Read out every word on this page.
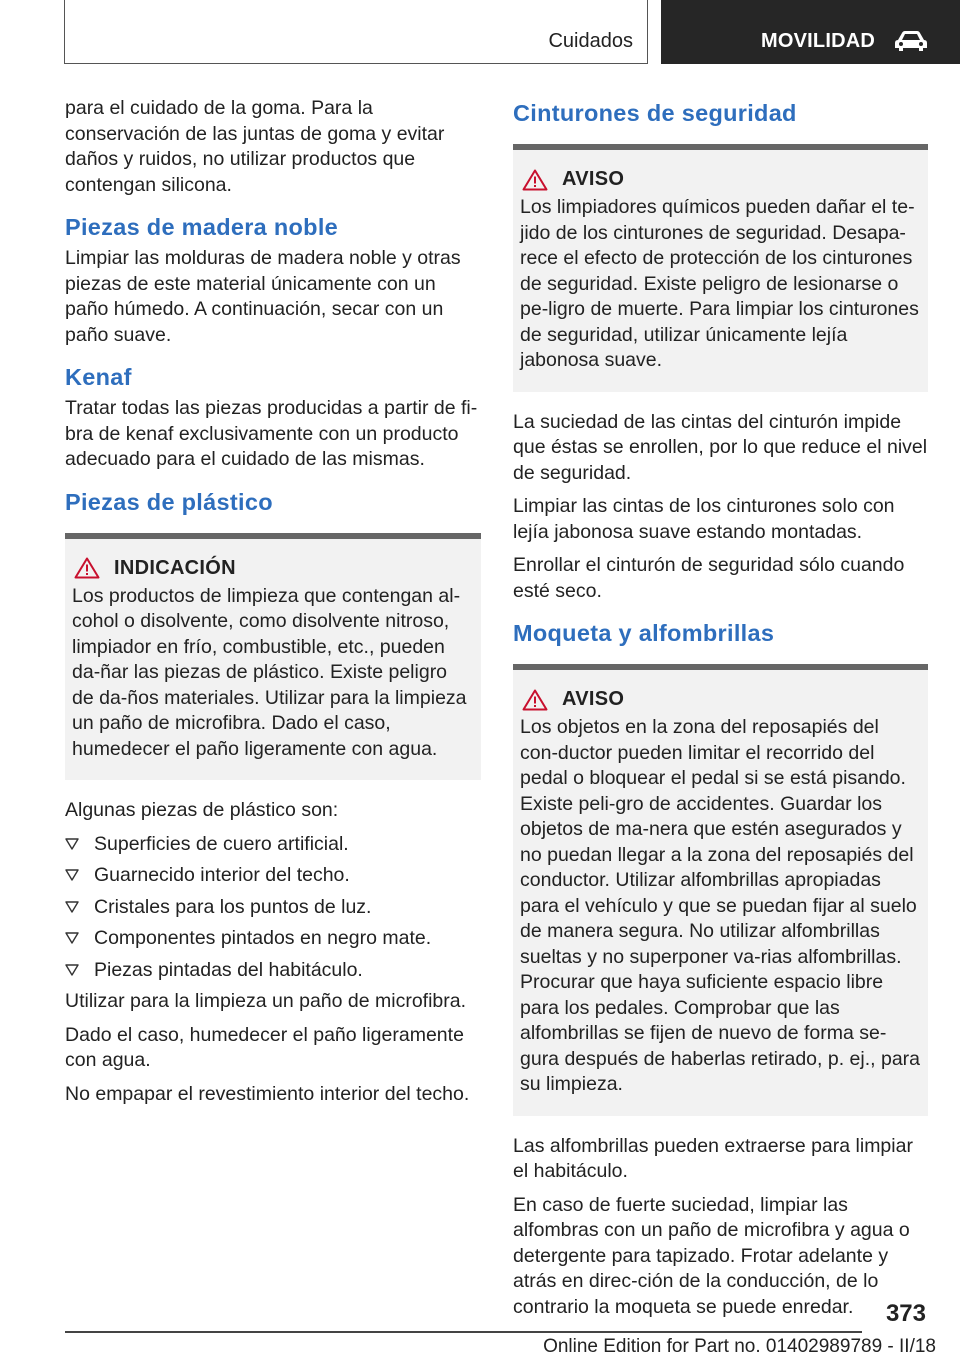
Cuidados	MOVILIDAD

para el cuidado de la goma. Para la conservación de las juntas de goma y evitar daños y ruidos, no utilizar productos que contengan silicona.

Piezas de madera noble

Limpiar las molduras de madera noble y otras piezas de este material únicamente con un paño húmedo. A continuación, secar con un paño suave.

Kenaf

Tratar todas las piezas producidas a partir de fi‐bra de kenaf exclusivamente con un producto adecuado para el cuidado de las mismas.

Piezas de plástico
INDICACIÓN

Los productos de limpieza que contengan al‐cohol o disolvente, como disolvente nitroso, limpiador en frío, combustible, etc., pueden da‐ñar las piezas de plástico. Existe peligro de da‐ños materiales. Utilizar para la limpieza un paño de microfibra. Dado el caso, humedecer el paño ligeramente con agua.

Algunas piezas de plástico son:

Superficies de cuero artificial.
Guarnecido interior del techo.
Cristales para los puntos de luz.
Componentes pintados en negro mate.
Piezas pintadas del habitáculo.

Utilizar para la limpieza un paño de microfibra.

Dado el caso, humedecer el paño ligeramente con agua.

No empapar el revestimiento interior del techo.

Cinturones de seguridad
AVISO

Los limpiadores químicos pueden dañar el te‐jido de los cinturones de seguridad. Desapa‐rece el efecto de protección de los cinturones de seguridad. Existe peligro de lesionarse o pe‐ligro de muerte. Para limpiar los cinturones de seguridad, utilizar únicamente lejía jabonosa suave.

La suciedad de las cintas del cinturón impide que éstas se enrollen, por lo que reduce el nivel de seguridad.

Limpiar las cintas de los cinturones solo con lejía jabonosa suave estando montadas.

Enrollar el cinturón de seguridad sólo cuando esté seco.

Moqueta y alfombrillas
AVISO

Los objetos en la zona del reposapiés del con‐ductor pueden limitar el recorrido del pedal o bloquear el pedal si se está pisando. Existe peli‐gro de accidentes. Guardar los objetos de ma‐nera que estén asegurados y no puedan llegar a la zona del reposapiés del conductor. Utilizar alfombrillas apropiadas para el vehículo y que se puedan fijar al suelo de manera segura. No utilizar alfombrillas sueltas y no superponer va‐rias alfombrillas. Procurar que haya suficiente espacio libre para los pedales. Comprobar que las alfombrillas se fijen de nuevo de forma se‐gura después de haberlas retirado, p. ej., para su limpieza.

Las alfombrillas pueden extraerse para limpiar el habitáculo.

En caso de fuerte suciedad, limpiar las alfombras con un paño de microfibra y agua o detergente para tapizado. Frotar adelante y atrás en direc‐ción de la conducción, de lo contrario la moqueta se puede enredar.	373
Online Edition for Part no. 01402989789 - II/18
